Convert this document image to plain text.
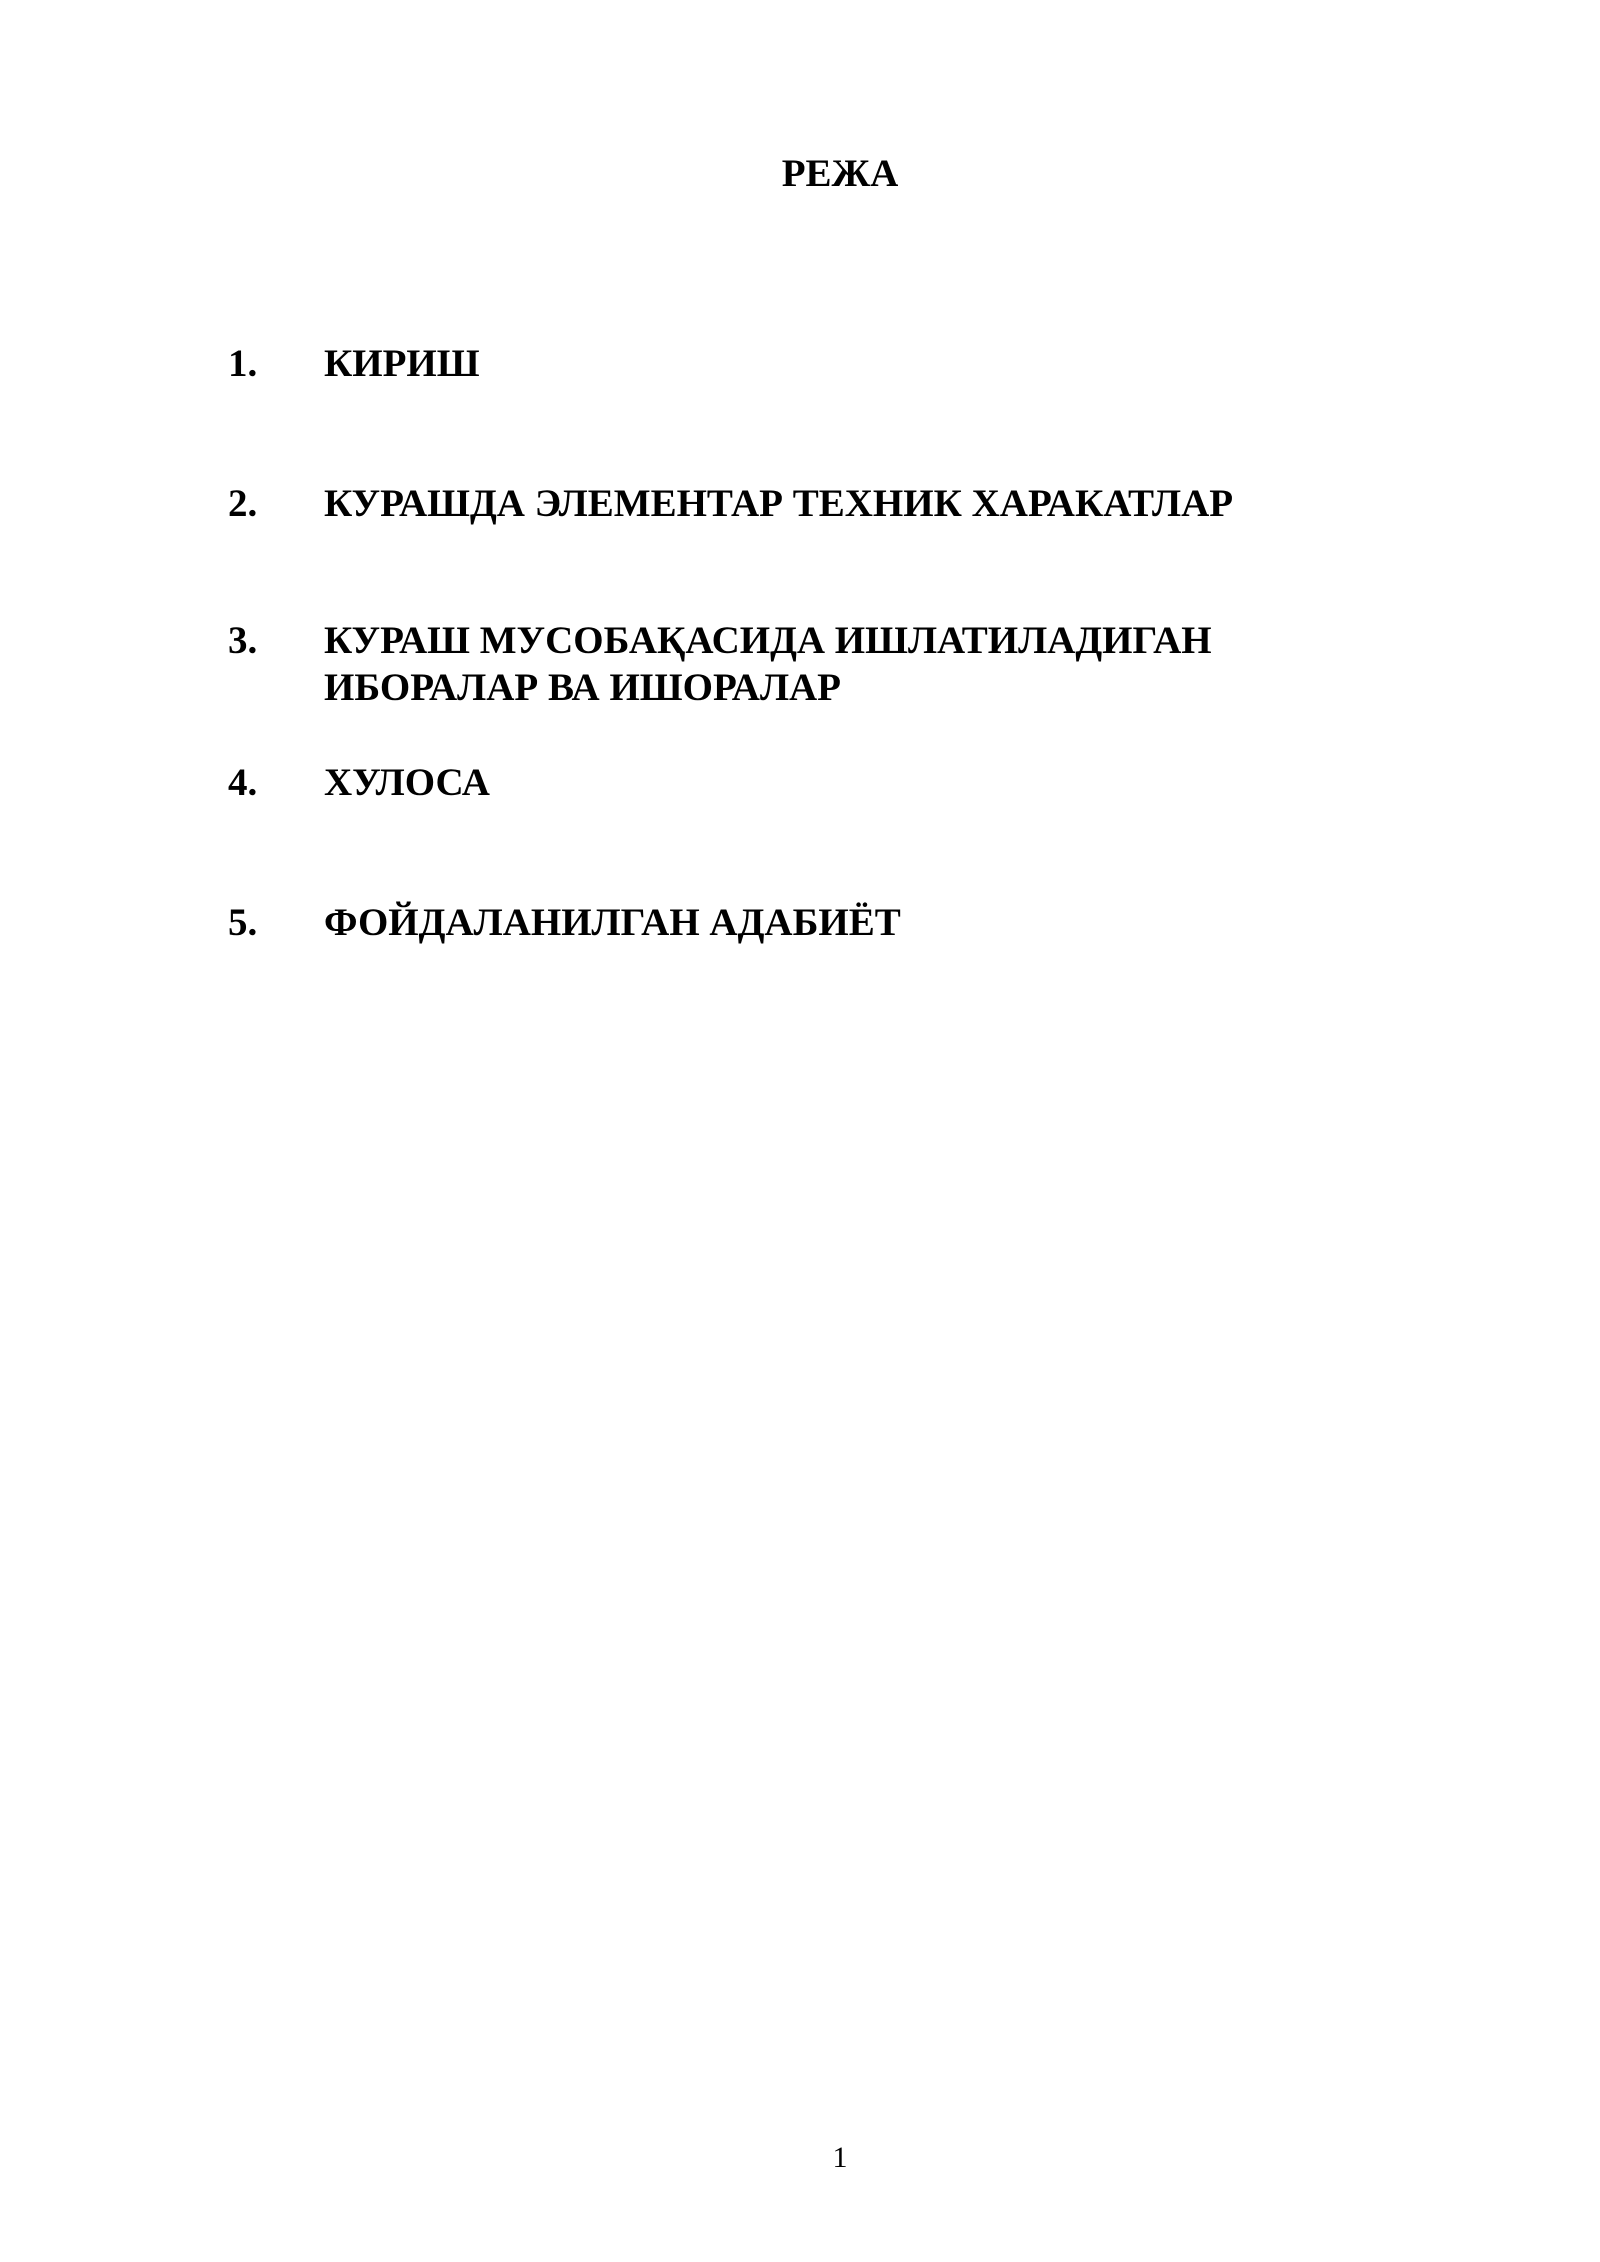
РЕЖА
1.	КИРИШ
2.	КУРАШДА ЭЛЕМЕНТАР ТЕХНИК ХАРАКАТЛАР
3.	КУРАШ МУСОБАҚАСИДА ИШЛАТИЛАДИГАН
ИБОРАЛАР ВА ИШОРАЛАР
4.	ХУЛОСА
5.	ФОЙДАЛАНИЛГАН АДАБИЁТ
1
